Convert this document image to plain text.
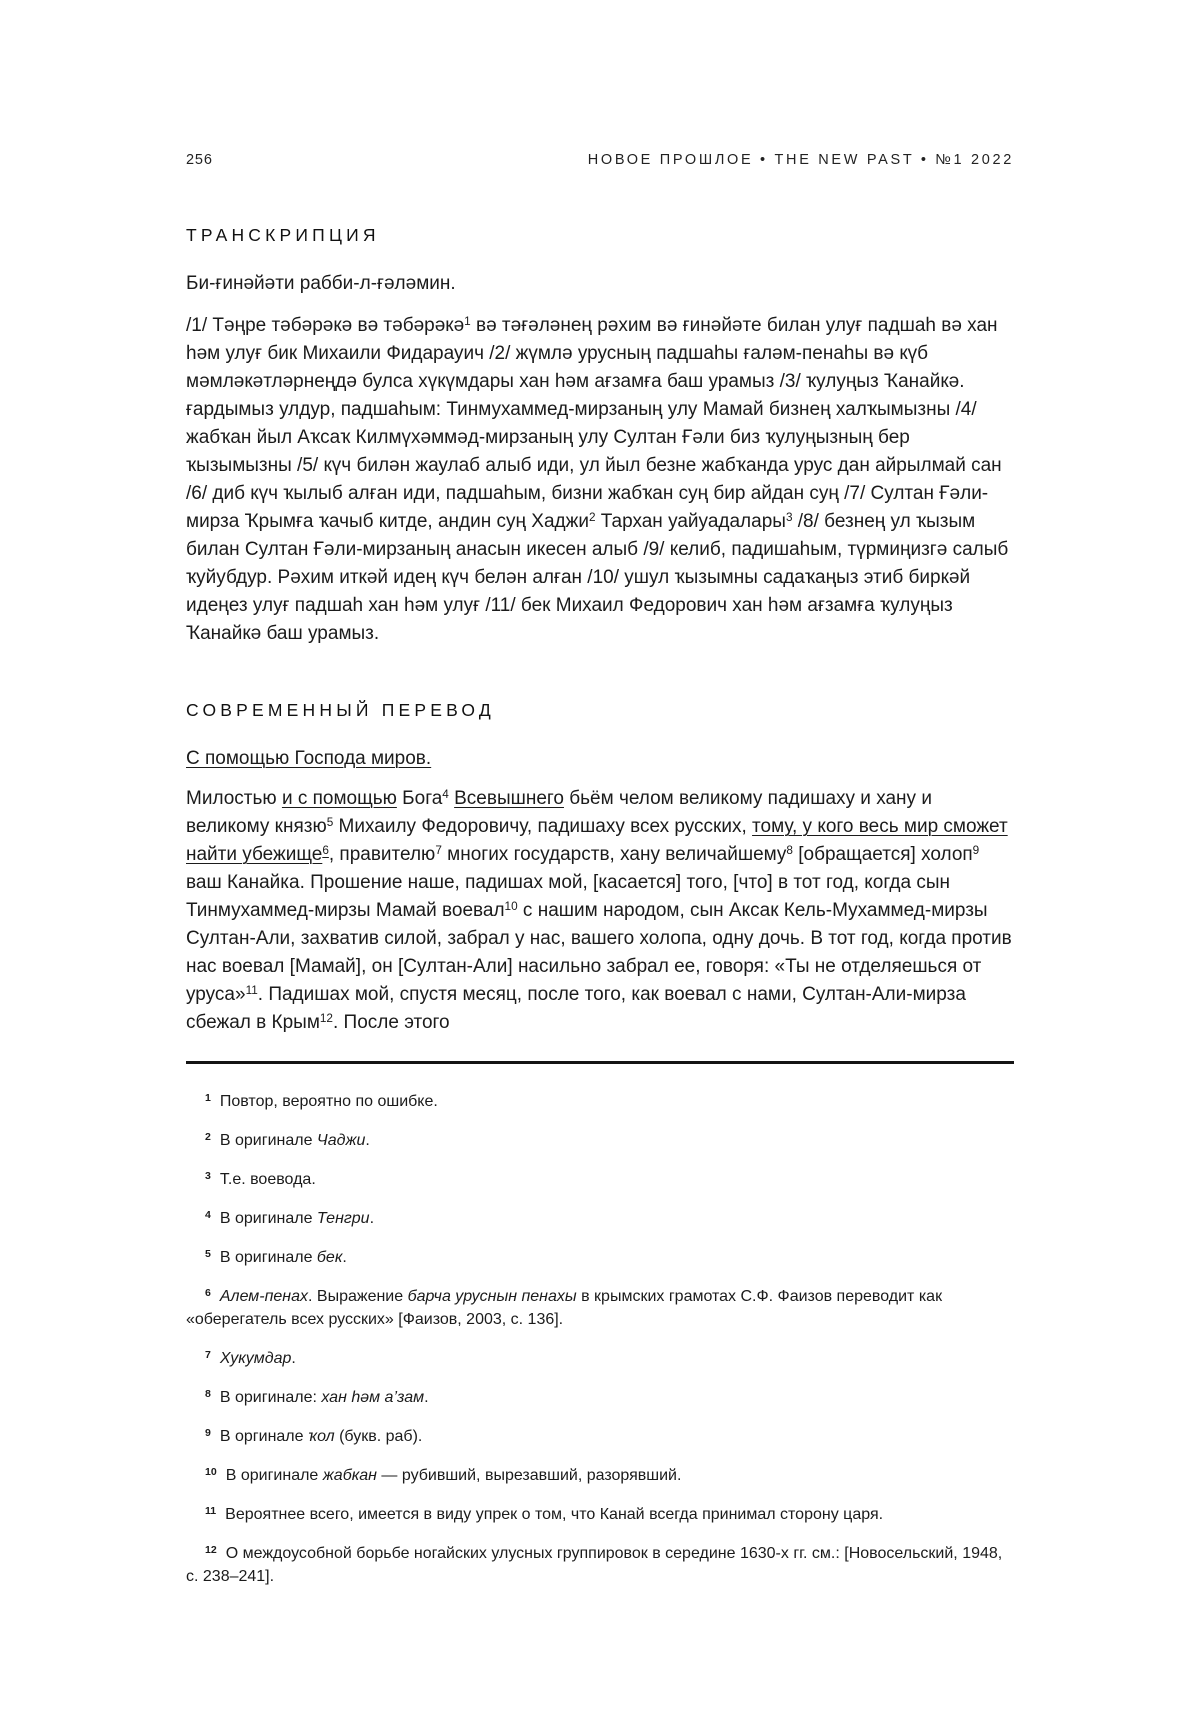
256	НОВОЕ ПРОШЛОЕ • THE NEW PAST • №1 2022
ТРАНСКРИПЦИЯ

Би-ғинәйәти рабби-л-ғәләмин.

/1/ Тәңре тәбәрәкә вә тәбәрәкә$^1$ вә тәғәләнең рәхим вә ғинәйәте билан улуғ падшаһ вә хан һәм улуғ бик Михаили Фидарауич /2/ жүмлә урусның падшаһы ғаләм-пенаһы вә күб мәмләкәтләрнеңдә булса хүкүмдары хан һәм ағзамға баш урамыз /3/ ҡулуңыз Ҡанайкә. ғардымыз улдур, падшаһым: Тинмухаммед-мирзаның улу Мамай бизнең халҡымызны /4/ жабҡан йыл Аҡсаҡ Килмүхәммәд-мирзаның улу Султан Ғәли биз ҡулуңызның бер ҡызымызны /5/ күч билән жаулаб алыб иди, ул йыл безне жабҡанда урус дан айрылмай сан /6/ диб күч ҡылыб алған иди, падшаһым, бизни жабҡан суң бир айдан суң /7/ Султан Ғәли-мирза Ҡрымға ҡачыб китде, андин суң Хаджи$^2$ Тархан уайуадалары$^3$ /8/ безнең ул ҡызым билан Султан Ғәли-мирзаның анасын икесен алыб /9/ келиб, падишаһым, түрмиңизгә салыб ҡуйубдур. Рәхим иткәй идең күч белән алған /10/ ушул ҡызымны садаҡаңыз этиб биркәй идеңез улуғ падшаһ хан һәм улуғ /11/ бек Михаил Федорович хан һәм ағзамға ҡулуңыз Ҡанайкә баш урамыз.

СОВРЕМЕННЫЙ ПЕРЕВОД

С помощью Господа миров.

Милостью и с помощью Бога$^4$ Всевышнего бьём челом великому падишаху и хану и великому князю$^5$ Михаилу Федоровичу, падишаху всех русских, тому, у кого весь мир сможет найти убежище$^6$, правителю$^7$ многих государств, хану величайшему$^8$ [обращается] холоп$^9$ ваш Канайка. Прошение наше, падишах мой, [касается] того, [что] в тот год, когда сын Тинмухаммед-мирзы Мамай воевал$^{10}$ с нашим народом, сын Аксак Кель-Мухаммед-мирзы Султан-Али, захватив силой, забрал у нас, вашего холопа, одну дочь. В тот год, когда против нас воевал [Мамай], он [Султан-Али] насильно забрал ее, говоря: «Ты не отделяешься от уруса»$^{11}$. Падишах мой, спустя месяц, после того, как воевал с нами, Султан-Али-мирза сбежал в Крым$^{12}$. После этого

$^1$ Повтор, вероятно по ошибке.

$^2$ В оригинале Чаджи.

$^3$ Т.е. воевода.

$^4$ В оригинале Тенгри.

$^5$ В оригинале бек.

$^6$ Алем-пенах. Выражение барча уруснын пенахы в крымских грамотах С.Ф. Фаизов переводит как «оберегатель всех русских» [Фаизов, 2003, с. 136].

$^7$ Хукумдар.

$^8$ В оригинале: хан һәм а’зам.

$^9$ В оргинале ҡол (букв. раб).

$^{10}$ В оригинале жабкан — рубивший, вырезавший, разорявший.

$^{11}$ Вероятнее всего, имеется в виду упрек о том, что Канай всегда принимал сторону царя.

$^{12}$ О междоусобной борьбе ногайских улусных группировок в середине 1630-х гг. см.: [Новосельский, 1948, с. 238–241].
